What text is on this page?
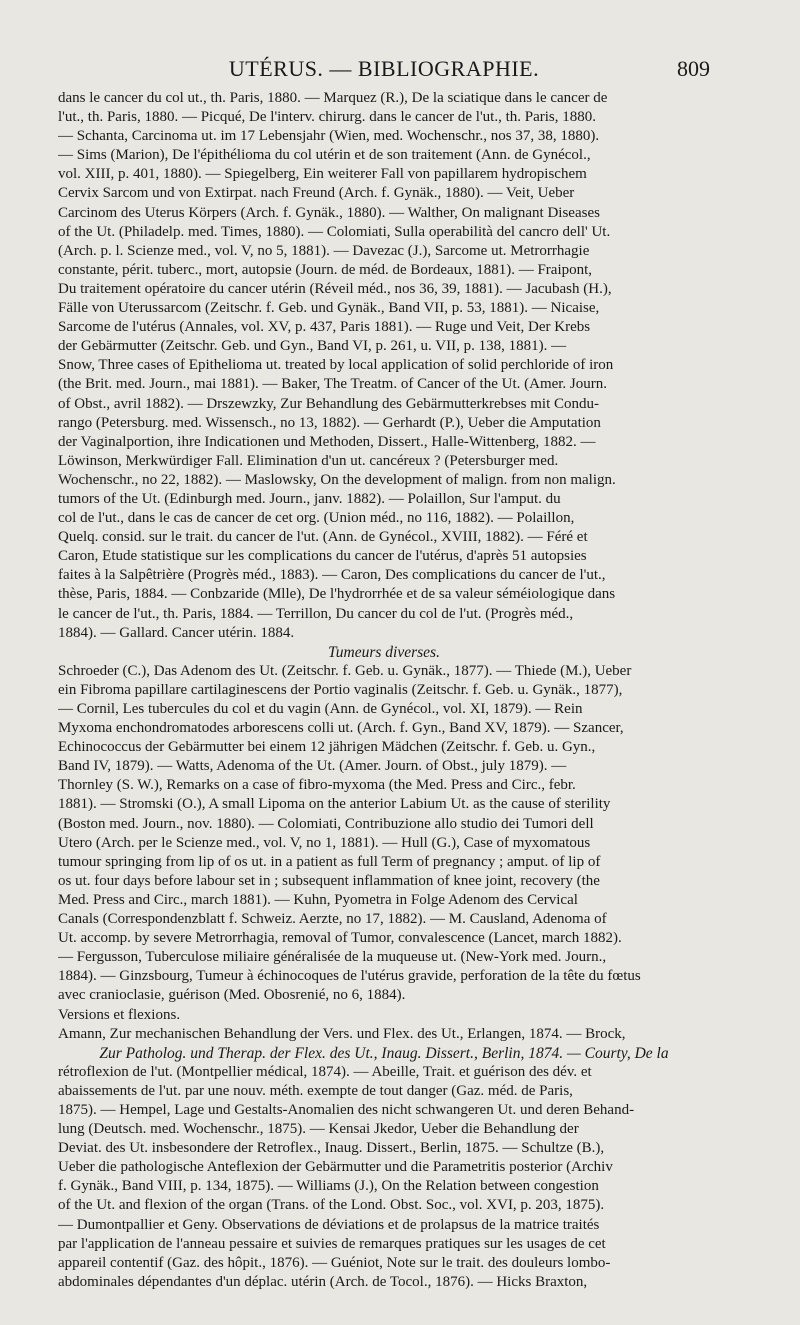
UTÉRUS. — BIBLIOGRAPHIE.	809
dans le cancer du col ut., th. Paris, 1880. — Marquez (R.), De la sciatique dans le cancer de
l'ut., th. Paris, 1880. — Picqué, De l'interv. chirurg. dans le cancer de l'ut., th. Paris, 1880.
— Schanta, Carcinoma ut. im 17 Lebensjahr (Wien, med. Wochenschr., nos 37, 38, 1880).
— Sims (Marion), De l'épithélioma du col utérin et de son traitement (Ann. de Gynécol.,
vol. XIII, p. 401, 1880). — Spiegelberg, Ein weiterer Fall von papillarem hydropischem
Cervix Sarcom und von Extirpat. nach Freund (Arch. f. Gynäk., 1880). — Veit, Ueber
Carcinom des Uterus Körpers (Arch. f. Gynäk., 1880). — Walther, On malignant Diseases
of the Ut. (Philadelp. med. Times, 1880). — Colomiati, Sulla operabilità del cancro dell' Ut.
(Arch. p. l. Scienze med., vol. V, no 5, 1881). — Davezac (J.), Sarcome ut. Metrorrhagie
constante, périt. tuberc., mort, autopsie (Journ. de méd. de Bordeaux, 1881). — Fraipont,
Du traitement opératoire du cancer utérin (Réveil méd., nos 36, 39, 1881). — Jacubash (H.),
Fälle von Uterussarcom (Zeitschr. f. Geb. und Gynäk., Band VII, p. 53, 1881). — Nicaise,
Sarcome de l'utérus (Annales, vol. XV, p. 437, Paris 1881). — Ruge und Veit, Der Krebs
der Gebärmutter (Zeitschr. Geb. und Gyn., Band VI, p. 261, u. VII, p. 138, 1881). —
Snow, Three cases of Epithelioma ut. treated by local application of solid perchloride of iron
(the Brit. med. Journ., mai 1881). — Baker, The Treatm. of Cancer of the Ut. (Amer. Journ.
of Obst., avril 1882). — Drszewzky, Zur Behandlung des Gebärmutterkrebses mit Condu-
rango (Petersburg. med. Wissensch., no 13, 1882). — Gerhardt (P.), Ueber die Amputation
der Vaginalportion, ihre Indicationen und Methoden, Dissert., Halle-Wittenberg, 1882. —
Löwinson, Merkwürdiger Fall. Elimination d'un ut. cancéreux ? (Petersburger med.
Wochenschr., no 22, 1882). — Maslowsky, On the development of malign. from non malign.
tumors of the Ut. (Edinburgh med. Journ., janv. 1882). — Polaillon, Sur l'amput. du
col de l'ut., dans le cas de cancer de cet org. (Union méd., no 116, 1882). — Polaillon,
Quelq. consid. sur le trait. du cancer de l'ut. (Ann. de Gynécol., XVIII, 1882). — Féré et
Caron, Etude statistique sur les complications du cancer de l'utérus, d'après 51 autopsies
faites à la Salpêtrière (Progrès méd., 1883). — Caron, Des complications du cancer de l'ut.,
thèse, Paris, 1884. — Conbzaride (Mlle), De l'hydrorrhée et de sa valeur séméiologique dans
le cancer de l'ut., th. Paris, 1884. — Terrillon, Du cancer du col de l'ut. (Progrès méd.,
1884). — Gallard. Cancer utérin. 1884.
Tumeurs diverses.
Schroeder (C.), Das Adenom des Ut. (Zeitschr. f. Geb. u. Gynäk., 1877). — Thiede (M.), Ueber
ein Fibroma papillare cartilaginescens der Portio vaginalis (Zeitschr. f. Geb. u. Gynäk., 1877),
— Cornil, Les tubercules du col et du vagin (Ann. de Gynécol., vol. XI, 1879). — Rein
Myxoma enchondromatodes arborescens colli ut. (Arch. f. Gyn., Band XV, 1879). — Szancer,
Echinococcus der Gebärmutter bei einem 12 jährigen Mädchen (Zeitschr. f. Geb. u. Gyn.,
Band IV, 1879). — Watts, Adenoma of the Ut. (Amer. Journ. of Obst., july 1879). —
Thornley (S. W.), Remarks on a case of fibro-myxoma (the Med. Press and Circ., febr.
1881). — Stromski (O.), A small Lipoma on the anterior Labium Ut. as the cause of sterility
(Boston med. Journ., nov. 1880). — Colomiati, Contribuzione allo studio dei Tumori dell
Utero (Arch. per le Scienze med., vol. V, no 1, 1881). — Hull (G.), Case of myxomatous
tumour springing from lip of os ut. in a patient as full Term of pregnancy ; amput. of lip of
os ut. four days before labour set in ; subsequent inflammation of knee joint, recovery (the
Med. Press and Circ., march 1881). — Kuhn, Pyometra in Folge Adenom des Cervical
Canals (Correspondenzblatt f. Schweiz. Aerzte, no 17, 1882). — M. Causland, Adenoma of
Ut. accomp. by severe Metrorrhagia, removal of Tumor, convalescence (Lancet, march 1882).
— Fergusson, Tuberculose miliaire généralisée de la muqueuse ut. (New-York med. Journ.,
1884). — Ginzsbourg, Tumeur à échinocoques de l'utérus gravide, perforation de la tête du fœtus
avec cranioclasie, guérison (Med. Obosrenié, no 6, 1884).
Versions et flexions.
Amann, Zur mechanischen Behandlung der Vers. und Flex. des Ut., Erlangen, 1874. — Brock,
Zur Patholog. und Therap. der Flex. des Ut., Inaug. Dissert., Berlin, 1874. — Courty, De la
rétroflexion de l'ut. (Montpellier médical, 1874). — Abeille, Trait. et guérison des dév. et
abaissements de l'ut. par une nouv. méth. exempte de tout danger (Gaz. méd. de Paris,
1875). — Hempel, Lage und Gestalts-Anomalien des nicht schwangeren Ut. und deren Behand-
lung (Deutsch. med. Wochenschr., 1875). — Kensai Jkedor, Ueber die Behandlung der
Deviat. des Ut. insbesondere der Retroflex., Inaug. Dissert., Berlin, 1875. — Schultze (B.),
Ueber die pathologische Anteflexion der Gebärmutter und die Parametritis posterior (Archiv
f. Gynäk., Band VIII, p. 134, 1875). — Williams (J.), On the Relation between congestion
of the Ut. and flexion of the organ (Trans. of the Lond. Obst. Soc., vol. XVI, p. 203, 1875).
— Dumontpallier et Geny. Observations de déviations et de prolapsus de la matrice traités
par l'application de l'anneau pessaire et suivies de remarques pratiques sur les usages de cet
appareil contentif (Gaz. des hôpit., 1876). — Guéniot, Note sur le trait. des douleurs lombo-
abdominales dépendantes d'un déplac. utérin (Arch. de Tocol., 1876). — Hicks Braxton,
